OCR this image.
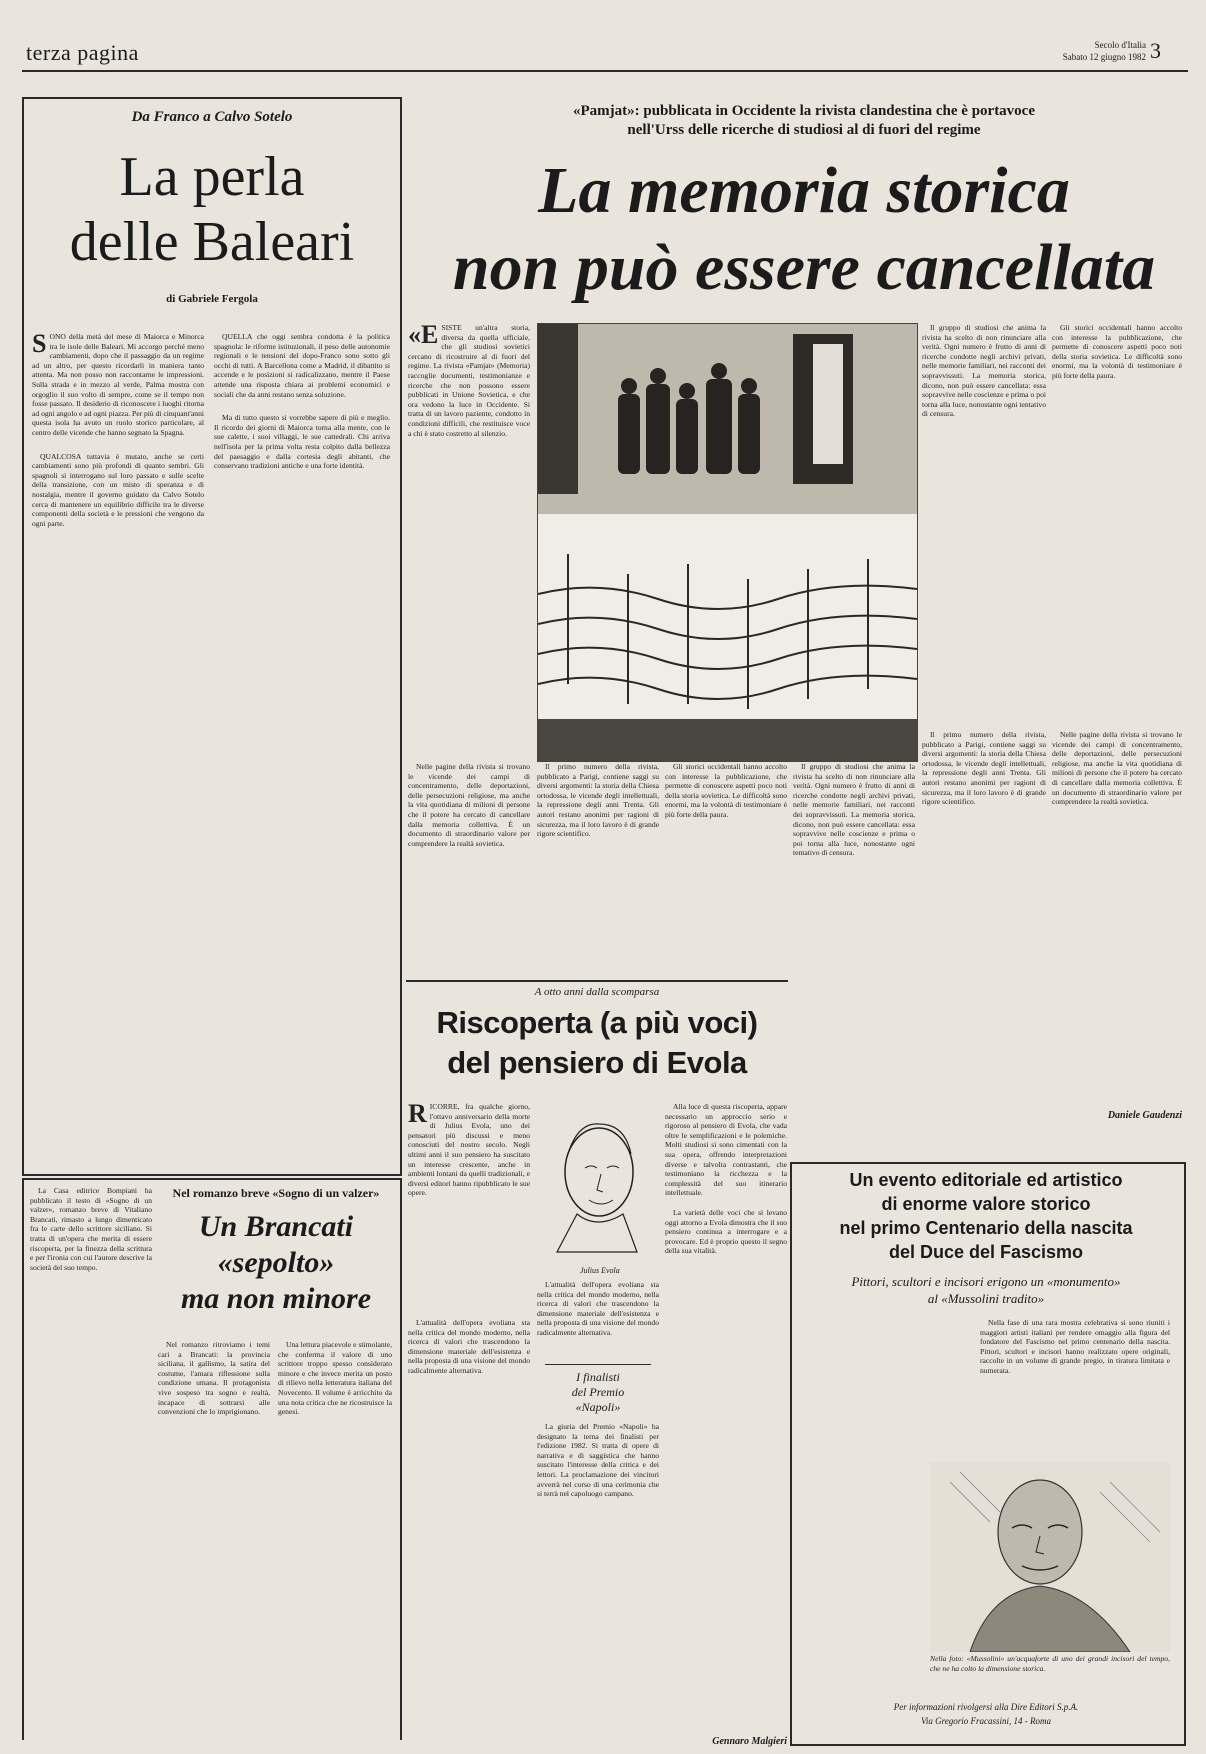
terza pagina	Secolo d'Italia
Sabato 12 giugno 1982 3
Da Franco a Calvo Sotelo
La perla
delle Baleari
di Gabriele Fergola
S ONO della metà del mese di Maiorca e Minorca tra le isole delle Baleari. Mi accorgo perché meno cambiamenti, dopo che il passaggio da un regime ad un altro, per questo ricordarli in maniera tanto attenta. Ma non posso non raccontarne le impressioni. Sulla strada e in mezzo al verde, Palma mostra con orgoglio il suo volto di sempre, come se il tempo non fosse passato. Il desiderio di riconoscere i luoghi ritorna ad ogni angolo e ad ogni piazza. Per più di cinquant'anni questa isola ha avuto un ruolo storico particolare, al centro delle vicende che hanno segnato la Spagna.

QUALCOSA tuttavia è mutato, anche se certi cambiamenti sono più profondi di quanto sembri. Gli spagnoli si interrogano sul loro passato e sulle scelte della transizione, con un misto di speranza e di nostalgia, mentre il governo guidato da Calvo Sotelo cerca di mantenere un equilibrio difficile tra le diverse componenti della società e le pressioni che vengono da ogni parte.

QUELLA che oggi sembra condotta è la politica spagnola: le riforme istituzionali, il peso delle autonomie regionali e le tensioni del dopo-Franco sono sotto gli occhi di tutti. A Barcellona come a Madrid, il dibattito si accende e le posizioni si radicalizzano, mentre il Paese attende una risposta chiara ai problemi economici e sociali che da anni restano senza soluzione.

Ma di tutto questo si vorrebbe sapere di più e meglio. Il ricordo dei giorni di Maiorca torna alla mente, con le sue calette, i suoi villaggi, le sue cattedrali. Chi arriva nell'isola per la prima volta resta colpito dalla bellezza del paesaggio e dalla cortesia degli abitanti, che conservano tradizioni antiche e una forte identità.

«Pamjat»: pubblicata in Occidente la rivista clandestina che è portavoce
nell'Urss delle ricerche di studiosi al di fuori del regime
La memoria storica
non può essere cancellata
«E SISTE un'altra storia, diversa da quella ufficiale, che gli studiosi sovietici cercano di ricostruire al di fuori del regime. La rivista «Pamjat» (Memoria) raccoglie documenti, testimonianze e ricerche che non possono essere pubblicati in Unione Sovietica, e che ora vedono la luce in Occidente. Si tratta di un lavoro paziente, condotto in condizioni difficili, che restituisce voce a chi è stato costretto al silenzio.

Nelle pagine della rivista si trovano le vicende dei campi di concentramento, delle deportazioni, delle persecuzioni religiose, ma anche la vita quotidiana di milioni di persone che il potere ha cercato di cancellare dalla memoria collettiva. È un documento di straordinario valore per comprendere la realtà sovietica.

Il primo numero della rivista, pubblicato a Parigi, contiene saggi su diversi argomenti: la storia della Chiesa ortodossa, le vicende degli intellettuali, la repressione degli anni Trenta. Gli autori restano anonimi per ragioni di sicurezza, ma il loro lavoro è di grande rigore scientifico.

Gli storici occidentali hanno accolto con interesse la pubblicazione, che permette di conoscere aspetti poco noti della storia sovietica. Le difficoltà sono enormi, ma la volontà di testimoniare è più forte della paura.

Il gruppo di studiosi che anima la rivista ha scelto di non rinunciare alla verità. Ogni numero è frutto di anni di ricerche condotte negli archivi privati, nelle memorie familiari, nei racconti dei sopravvissuti. La memoria storica, dicono, non può essere cancellata: essa sopravvive nelle coscienze e prima o poi torna alla luce, nonostante ogni tentativo di censura.

Il gruppo di studiosi che anima la rivista ha scelto di non rinunciare alla verità. Ogni numero è frutto di anni di ricerche condotte negli archivi privati, nelle memorie familiari, nei racconti dei sopravvissuti. La memoria storica, dicono, non può essere cancellata: essa sopravvive nelle coscienze e prima o poi torna alla luce, nonostante ogni tentativo di censura.

Gli storici occidentali hanno accolto con interesse la pubblicazione, che permette di conoscere aspetti poco noti della storia sovietica. Le difficoltà sono enormi, ma la volontà di testimoniare è più forte della paura.

Il primo numero della rivista, pubblicato a Parigi, contiene saggi su diversi argomenti: la storia della Chiesa ortodossa, le vicende degli intellettuali, la repressione degli anni Trenta. Gli autori restano anonimi per ragioni di sicurezza, ma il loro lavoro è di grande rigore scientifico.

Nelle pagine della rivista si trovano le vicende dei campi di concentramento, delle deportazioni, delle persecuzioni religiose, ma anche la vita quotidiana di milioni di persone che il potere ha cercato di cancellare dalla memoria collettiva. È un documento di straordinario valore per comprendere la realtà sovietica.

Daniele Gaudenzi
A otto anni dalla scomparsa
Riscoperta (a più voci)
del pensiero di Evola
R ICORRE, fra qualche giorno, l'ottavo anniversario della morte di Julius Evola, uno dei pensatori più discussi e meno conosciuti del nostro secolo. Negli ultimi anni il suo pensiero ha suscitato un interesse crescente, anche in ambienti lontani da quelli tradizionali, e diversi editori hanno ripubblicato le sue opere.

L'attualità dell'opera evoliana sta nella critica del mondo moderno, nella ricerca di valori che trascendono la dimensione materiale dell'esistenza e nella proposta di una visione del mondo radicalmente alternativa.

Julius Evola

L'attualità dell'opera evoliana sta nella critica del mondo moderno, nella ricerca di valori che trascendono la dimensione materiale dell'esistenza e nella proposta di una visione del mondo radicalmente alternativa.

I finalisti
del Premio
«Napoli»

La giuria del Premio «Napoli» ha designato la terna dei finalisti per l'edizione 1982. Si tratta di opere di narrativa e di saggistica che hanno suscitato l'interesse della critica e dei lettori. La proclamazione dei vincitori avverrà nel corso di una cerimonia che si terrà nel capoluogo campano.

Alla luce di questa riscoperta, appare necessario un approccio serio e rigoroso al pensiero di Evola, che vada oltre le semplificazioni e le polemiche. Molti studiosi si sono cimentati con la sua opera, offrendo interpretazioni diverse e talvolta contrastanti, che testimoniano la ricchezza e la complessità del suo itinerario intellettuale.

La varietà delle voci che si levano oggi attorno a Evola dimostra che il suo pensiero continua a interrogare e a provocare. Ed è proprio questo il segno della sua vitalità.

Gennaro Malgieri

La Casa editrice Bompiani ha pubblicato il testo di «Sogno di un valzer», romanzo breve di Vitaliano Brancati, rimasto a lungo dimenticato fra le carte dello scrittore siciliano. Si tratta di un'opera che merita di essere riscoperta, per la finezza della scrittura e per l'ironia con cui l'autore descrive la società del suo tempo.

Nel romanzo breve «Sogno di un valzer»
Un Brancati
«sepolto»
ma non minore

Nel romanzo ritroviamo i temi cari a Brancati: la provincia siciliana, il gallismo, la satira del costume, l'amara riflessione sulla condizione umana. Il protagonista vive sospeso tra sogno e realtà, incapace di sottrarsi alle convenzioni che lo imprigionano.

Una lettura piacevole e stimolante, che conferma il valore di uno scrittore troppo spesso considerato minore e che invece merita un posto di rilievo nella letteratura italiana del Novecento. Il volume è arricchito da una nota critica che ne ricostruisce la genesi.

Un evento editoriale ed artistico
di enorme valore storico
nel primo Centenario della nascita
del Duce del Fascismo
Pittori, scultori e incisori erigono un «monumento»
al «Mussolini tradito»

Nella fase di una rara mostra celebrativa si sono riuniti i maggiori artisti italiani per rendere omaggio alla figura del fondatore del Fascismo nel primo centenario della nascita. Pittori, scultori e incisori hanno realizzato opere originali, raccolte in un volume di grande pregio, in tiratura limitata e numerata.

Nella foto: «Mussolini» un'acquaforte di uno dei grandi incisori del tempo, che ne ha colto la dimensione storica.

Per informazioni rivolgersi alla Dire Editori S.p.A.
Via Gregorio Fracassini, 14 - Roma
